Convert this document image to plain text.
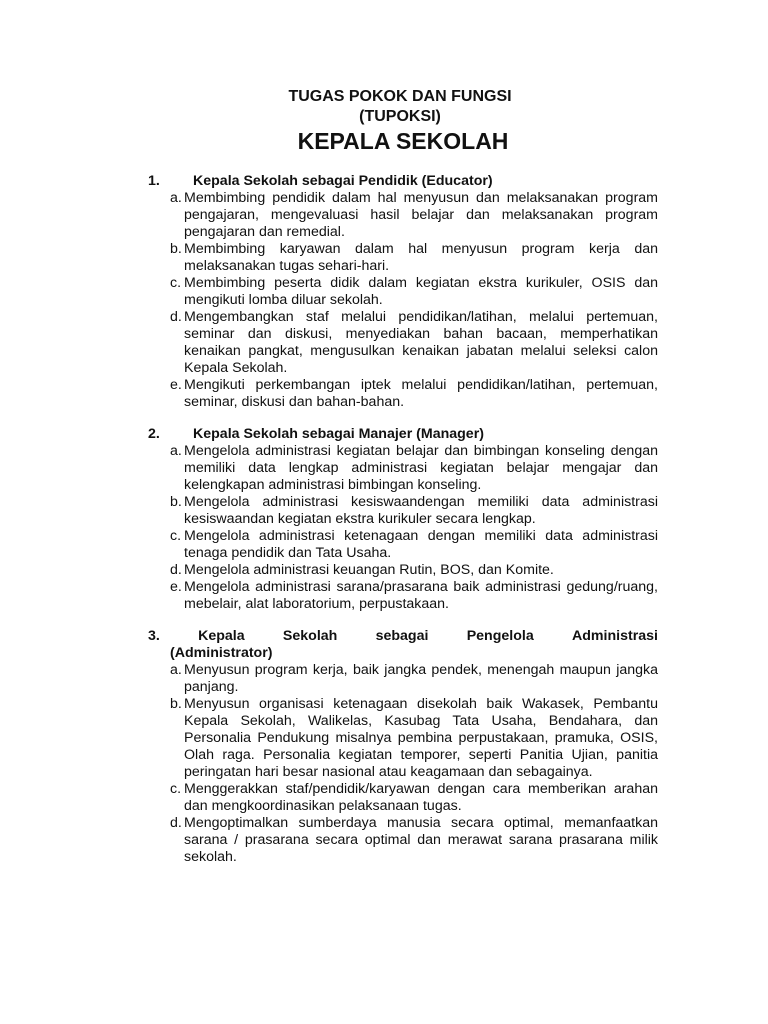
TUGAS POKOK DAN FUNGSI
(TUPOKSI)
KEPALA SEKOLAH
1. Kepala Sekolah sebagai Pendidik (Educator)
a. Membimbing pendidik dalam hal menyusun dan melaksanakan program pengajaran, mengevaluasi hasil belajar dan melaksanakan program pengajaran dan remedial.
b. Membimbing karyawan dalam hal menyusun program kerja dan melaksanakan tugas sehari-hari.
c. Membimbing peserta didik dalam kegiatan ekstra kurikuler, OSIS dan mengikuti lomba diluar sekolah.
d. Mengembangkan staf melalui pendidikan/latihan, melalui pertemuan, seminar dan diskusi, menyediakan bahan bacaan, memperhatikan kenaikan pangkat, mengusulkan kenaikan jabatan melalui seleksi calon Kepala Sekolah.
e. Mengikuti perkembangan iptek melalui pendidikan/latihan, pertemuan, seminar, diskusi dan bahan-bahan.
2. Kepala Sekolah sebagai Manajer (Manager)
a. Mengelola administrasi kegiatan belajar dan bimbingan konseling dengan memiliki data lengkap administrasi kegiatan belajar mengajar dan kelengkapan administrasi bimbingan konseling.
b. Mengelola administrasi kesiswaandengan memiliki data administrasi kesiswaandan kegiatan ekstra kurikuler secara lengkap.
c. Mengelola administrasi ketenagaan dengan memiliki data administrasi tenaga pendidik dan Tata Usaha.
d. Mengelola administrasi keuangan Rutin, BOS, dan Komite.
e. Mengelola administrasi sarana/prasarana baik administrasi gedung/ruang, mebelair, alat laboratorium, perpustakaan.
3.	Kepala	Sekolah	sebagai	Pengelola	Administrasi
(Administrator)
a. Menyusun program kerja, baik jangka pendek, menengah maupun jangka panjang.
b. Menyusun organisasi ketenagaan disekolah baik Wakasek, Pembantu Kepala Sekolah, Walikelas, Kasubag Tata Usaha, Bendahara, dan Personalia Pendukung misalnya pembina perpustakaan, pramuka, OSIS, Olah raga. Personalia kegiatan temporer, seperti Panitia Ujian, panitia peringatan hari besar nasional atau keagamaan dan sebagainya.
c. Menggerakkan staf/pendidik/karyawan dengan cara memberikan arahan dan mengkoordinasikan pelaksanaan tugas.
d. Mengoptimalkan sumberdaya manusia secara optimal, memanfaatkan sarana / prasarana secara optimal dan merawat sarana prasarana milik sekolah.
